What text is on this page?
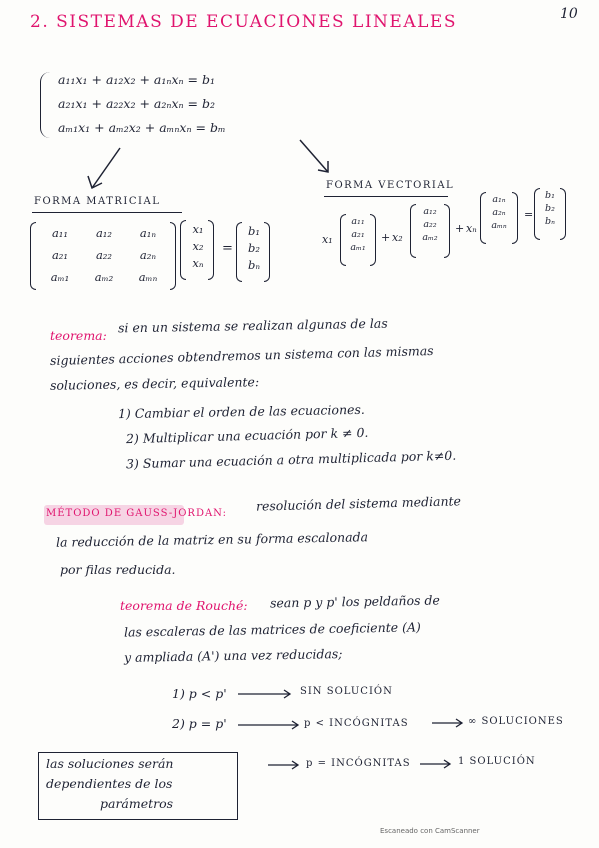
2. SISTEMAS DE ECUACIONES LINEALES	10
a₁₁x₁ + a₁₂x₂ + a₁ₙxₙ = b₁
a₂₁x₁ + a₂₂x₂ + a₂ₙxₙ = b₂
aₘ₁x₁ + aₘ₂x₂ + aₘₙxₙ = bₘ
FORMA MATRICIAL
a₁₁	a₁₂	a₁ₙ
a₂₁	a₂₂	a₂ₙ
aₘ₁	aₘ₂	aₘₙ
x₁
x₂
xₙ
=
b₁
b₂
bₙ
FORMA VECTORIAL
x₁
a₁₁
a₂₁
aₘ₁
+ x₂
a₁₂
a₂₂
aₘ₂
+ xₙ
a₁ₙ
a₂ₙ
aₘₙ
=
b₁
b₂
bₙ
teorema:
si en un sistema se realizan algunas de las
siguientes acciones obtendremos un sistema con las mismas
soluciones, es decir, equivalente:
1) Cambiar el orden de las ecuaciones.
2) Multiplicar una ecuación por k ≠ 0.
3) Sumar una ecuación a otra multiplicada por k≠0.
MÉTODO DE GAUSS-JORDAN: resolución del sistema mediante
la reducción de la matriz en su forma escalonada
por filas reducida.
teorema de Rouché: sean p y p' los peldaños de
las escaleras de las matrices de coeficiente (A)
y ampliada (A') una vez reducidas;
1) p < p'	SIN SOLUCIÓN
2) p = p'	p < INCÓGNITAS	∞ SOLUCIONES
p = INCÓGNITAS	1 SOLUCIÓN
las soluciones serán
dependientes de los
parámetros
Escaneado con CamScanner
